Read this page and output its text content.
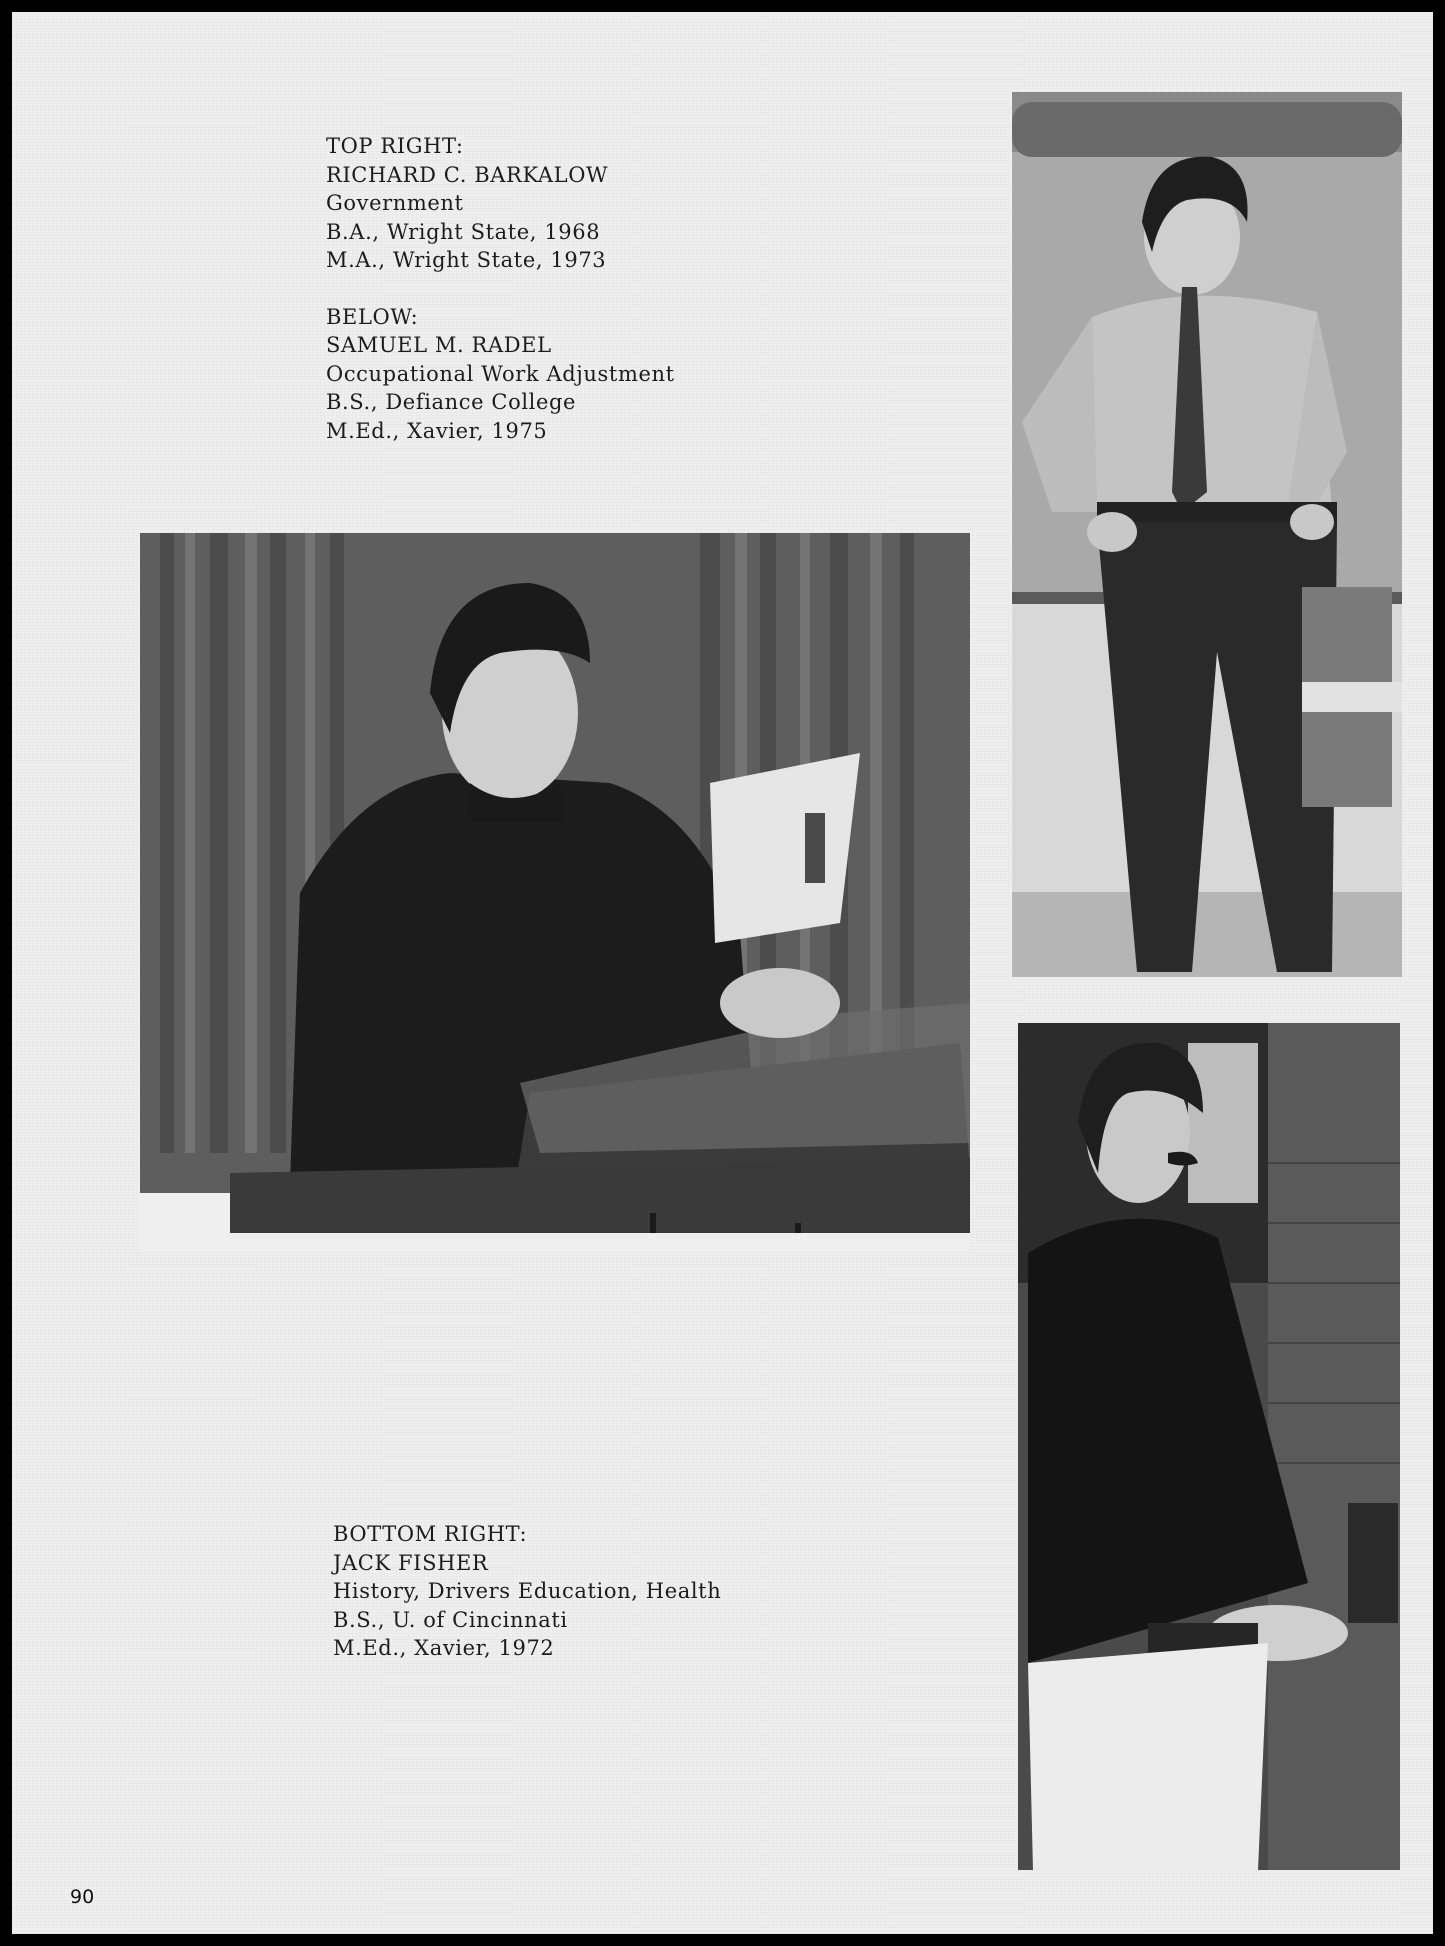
TOP RIGHT:
RICHARD C. BARKALOW
Government
B.A., Wright State, 1968
M.A., Wright State, 1973
BELOW:
SAMUEL M. RADEL
Occupational Work Adjustment
B.S., Defiance College
M.Ed., Xavier, 1975
BOTTOM RIGHT:
JACK FISHER
History, Drivers Education, Health
B.S., U. of Cincinnati
M.Ed., Xavier, 1972
90
